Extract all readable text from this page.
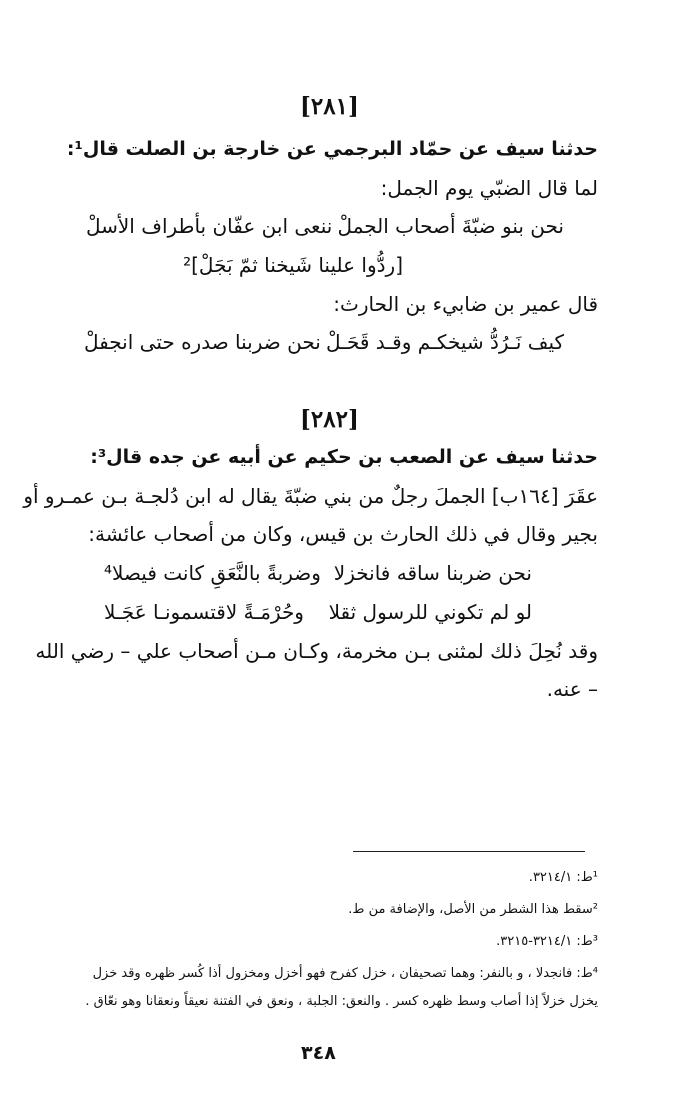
[٢٨١]
حدثنا سيف عن حمّاد البرجمي عن خارجة بن الصلت قال¹:
لما قال الضبّي يوم الجمل:
نحن بنو ضبّةَ أصحاب الجملْ
ننعى ابن عفّان بأطراف الأسلْ
[ردُّوا علينا شَيخنا ثمّ بَجَلْ]²
قال عمير بن ضابيء بن الحارث:
كيف نَـرُدُّ شيخكـم وقـد قَحَـلْ
نحن ضربنا صدره حتى انجفلْ
[٢٨٢]
حدثنا سيف عن الصعب بن حكيم عن أبيه عن جده قال³:
عقَرَ [١٦٤ب] الجملَ رجلٌ من بني ضبّةَ يقال له ابن دُلجـة بـن عمـرو أو
بجير وقال في ذلك الحارث بن قيس، وكان من أصحاب عائشة:
نحن ضربنا ساقه فانخزلا
وضربةً بالنَّعَقِ كانت فيصلا⁴
لو لم تكوني للرسول ثقلا
وحُرْمَـةً لاقتسمونـا عَجَـلا
وقد نُحِلَ ذلك لمثنى بـن مخرمة، وكـان مـن أصحاب علي – رضي الله
– عنه.
¹ط: ٣٢١٤/١.
²سقط هذا الشطر من الأصل، والإضافة من ط.
³ط: ٣٢١٤/١-٣٢١٥.
⁴ط: فانجدلا ، و بالنفر: وهما تصحيفان ، خزل كفرح فهو أخزل ومخزول أذا كُسر ظهره وقد خزل
يخزل خزلاً إذا أصاب وسط ظهره كسر . والنعق: الجلبة ، ونعق في الفتنة نعيقاً ونعقانا وهو نعّاق .
٣٤٨
